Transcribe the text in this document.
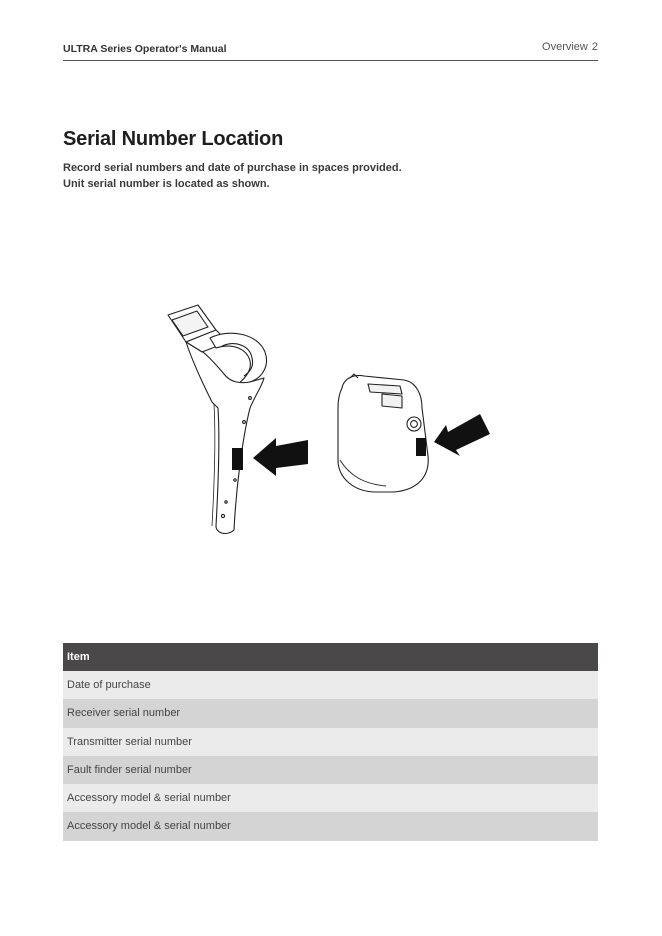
ULTRA Series Operator's Manual	Overview 2
Serial Number Location
Record serial numbers and date of purchase in spaces provided.
Unit serial number is located as shown.
Item
Date of purchase
Receiver serial number
Transmitter serial number
Fault finder serial number
Accessory model & serial number
Accessory model & serial number
